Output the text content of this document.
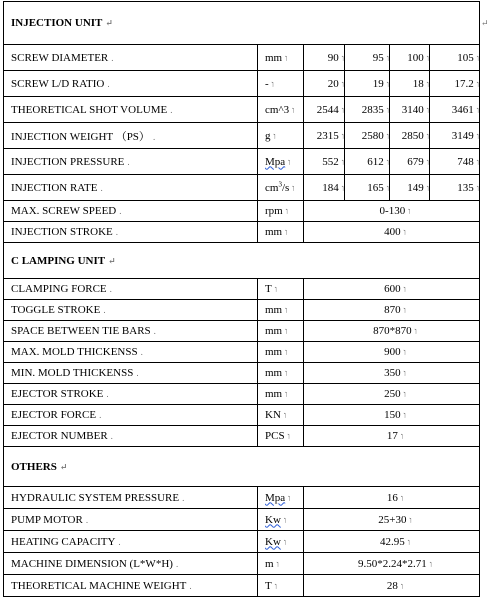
INJECTION UNIT ↵					
SCREW DIAMETER .	mm ו	90 ו	95 ו	100 ו	105 ו
SCREW L/D RATIO .	- ו	20 ו	19 ו	18 ו	17.2 ו
THEORETICAL SHOT VOLUME .	cm^3 ו	2544 ו	2835 ו	3140 ו	3461 ו
INJECTION WEIGHT （PS） .	g ו	2315 ו	2580 ו	2850 ו	3149 ו
INJECTION PRESSURE .	Mpa ו	552 ו	612 ו	679 ו	748 ו
INJECTION RATE .	$cm^3/s$ ו	184 ו	165 ו	149 ו	135 ו
MAX. SCREW SPEED .	rpm ו	0-130 ו			
INJECTION STROKE .	mm ו	400 ו			
C LAMPING UNIT ↵					
CLAMPING FORCE .	T ו	600 ו			
TOGGLE STROKE .	mm ו	870 ו			
SPACE BETWEEN TIE BARS .	mm ו	870*870 ו			
MAX. MOLD THICKENSS .	mm ו	900 ו			
MIN. MOLD THICKENSS .	mm ו	350 ו			
EJECTOR STROKE .	mm ו	250 ו			
EJECTOR FORCE .	KN ו	150 ו			
EJECTOR NUMBER .	PCS ו	17 ו			
OTHERS ↵					
HYDRAULIC SYSTEM PRESSURE .	Mpa ו	16 ו			
PUMP MOTOR .	Kw ו	25+30 ו			
HEATING CAPACITY .	Kw ו	42.95 ו			
MACHINE DIMENSION (L*W*H) .	m ו	9.50*2.24*2.71 ו			
THEORETICAL MACHINE WEIGHT .	T ו	28 ו			
↵
